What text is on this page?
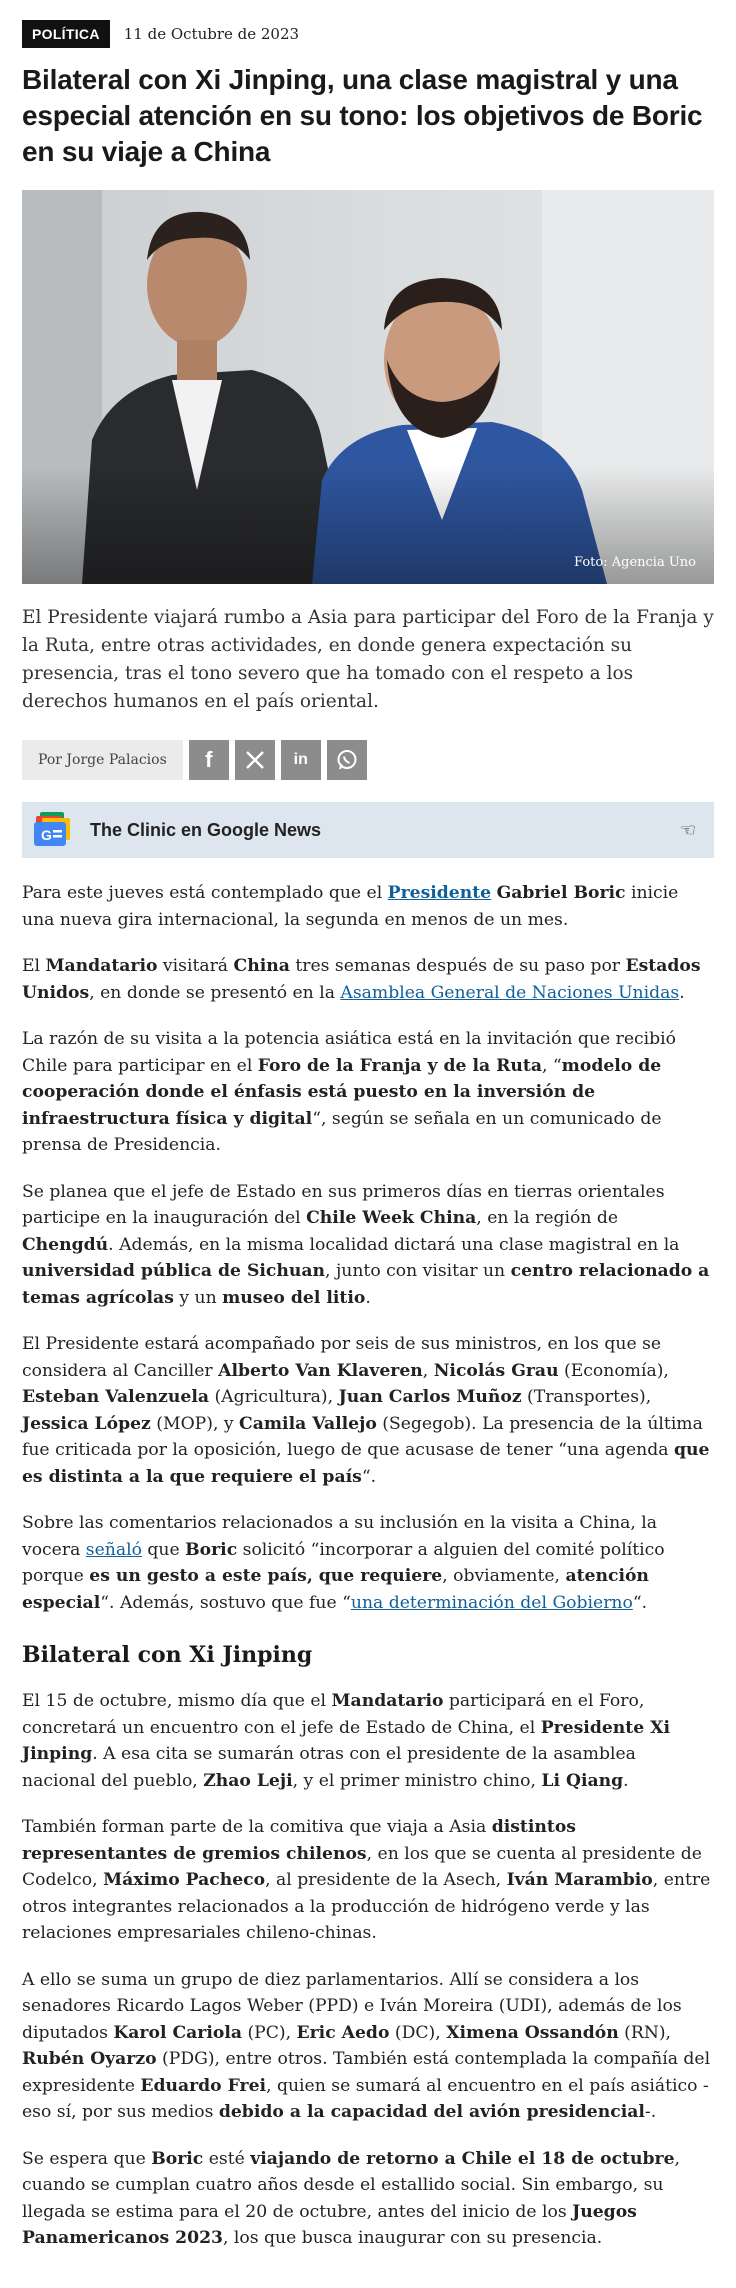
POLÍTICA	11 de Octubre de 2023
Bilateral con Xi Jinping, una clase magistral y una especial atención en su tono: los objetivos de Boric en su viaje a China
Foto: Agencia Uno
El Presidente viajará rumbo a Asia para participar del Foro de la Franja y la Ruta, entre otras actividades, en donde genera expectación su presencia, tras el tono severo que ha tomado con el respeto a los derechos humanos en el país oriental.
Por Jorge Palacios	f	in
G The Clinic en Google News	☜

Para este jueves está contemplado que el Presidente Gabriel Boric inicie una nueva gira internacional, la segunda en menos de un mes.

El Mandatario visitará China tres semanas después de su paso por Estados Unidos, en donde se presentó en la Asamblea General de Naciones Unidas.

La razón de su visita a la potencia asiática está en la invitación que recibió Chile para participar en el Foro de la Franja y de la Ruta, “modelo de cooperación donde el énfasis está puesto en la inversión de infraestructura física y digital“, según se señala en un comunicado de prensa de Presidencia.

Se planea que el jefe de Estado en sus primeros días en tierras orientales participe en la inauguración del Chile Week China, en la región de Chengdú. Además, en la misma localidad dictará una clase magistral en la universidad pública de Sichuan, junto con visitar un centro relacionado a temas agrícolas y un museo del litio.

El Presidente estará acompañado por seis de sus ministros, en los que se considera al Canciller Alberto Van Klaveren, Nicolás Grau (Economía), Esteban Valenzuela (Agricultura), Juan Carlos Muñoz (Transportes), Jessica López (MOP), y Camila Vallejo (Segegob). La presencia de la última fue criticada por la oposición, luego de que acusase de tener “una agenda que es distinta a la que requiere el país“.

Sobre las comentarios relacionados a su inclusión en la visita a China, la vocera señaló que Boric solicitó “incorporar a alguien del comité político porque es un gesto a este país, que requiere, obviamente, atención especial“. Además, sostuvo que fue “una determinación del Gobierno“.

Bilateral con Xi Jinping

El 15 de octubre, mismo día que el Mandatario participará en el Foro, concretará un encuentro con el jefe de Estado de China, el Presidente Xi Jinping. A esa cita se sumarán otras con el presidente de la asamblea nacional del pueblo, Zhao Leji, y el primer ministro chino, Li Qiang.

También forman parte de la comitiva que viaja a Asia distintos representantes de gremios chilenos, en los que se cuenta al presidente de Codelco, Máximo Pacheco, al presidente de la Asech, Iván Marambio, entre otros integrantes relacionados a la producción de hidrógeno verde y las relaciones empresariales chileno-chinas.

A ello se suma un grupo de diez parlamentarios. Allí se considera a los senadores Ricardo Lagos Weber (PPD) e Iván Moreira (UDI), además de los diputados Karol Cariola (PC), Eric Aedo (DC), Ximena Ossandón (RN), Rubén Oyarzo (PDG), entre otros. También está contemplada la compañía del expresidente Eduardo Frei, quien se sumará al encuentro en el país asiático -eso sí, por sus medios debido a la capacidad del avión presidencial-.

Se espera que Boric esté viajando de retorno a Chile el 18 de octubre, cuando se cumplan cuatro años desde el estallido social. Sin embargo, su llegada se estima para el 20 de octubre, antes del inicio de los Juegos Panamericanos 2023, los que busca inaugurar con su presencia.
